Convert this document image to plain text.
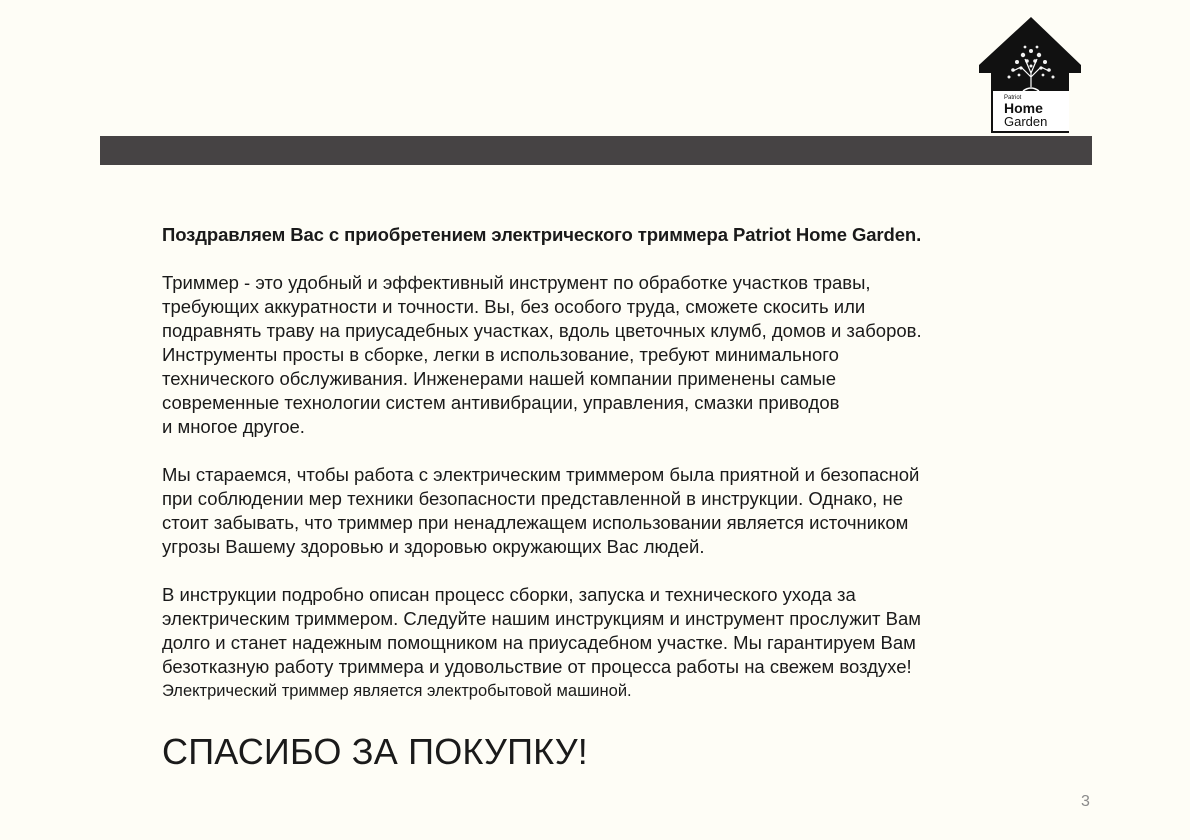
Patriot
Home
Garden

Поздравляем Вас с приобретением электрического триммера Patriot Home Garden.

Триммер - это удобный и эффективный инструмент по обработке участков травы,
требующих аккуратности и точности. Вы, без особого труда, сможете скосить или
подравнять траву на приусадебных участках, вдоль цветочных клумб, домов и заборов.
Инструменты просты в сборке, легки в использование, требуют минимального
технического обслуживания. Инженерами нашей компании применены самые
современные технологии систем антивибрации, управления, смазки приводов
и многое другое.

Мы стараемся, чтобы работа с электрическим триммером была приятной и безопасной
при соблюдении мер техники безопасности представленной в инструкции. Однако, не
стоит забывать, что триммер при ненадлежащем использовании является источником
угрозы Вашему здоровью и здоровью окружающих Вас людей.

В инструкции подробно описан процесс сборки, запуска и технического ухода за
электрическим триммером. Следуйте нашим инструкциям и инструмент прослужит Вам
долго и станет надежным помощником на приусадебном участке. Мы гарантируем Вам
безотказную работу триммера и удовольствие от процесса работы на свежем воздухе!
Электрический триммер является электробытовой машиной.

СПАСИБО ЗА ПОКУПКУ!
3
